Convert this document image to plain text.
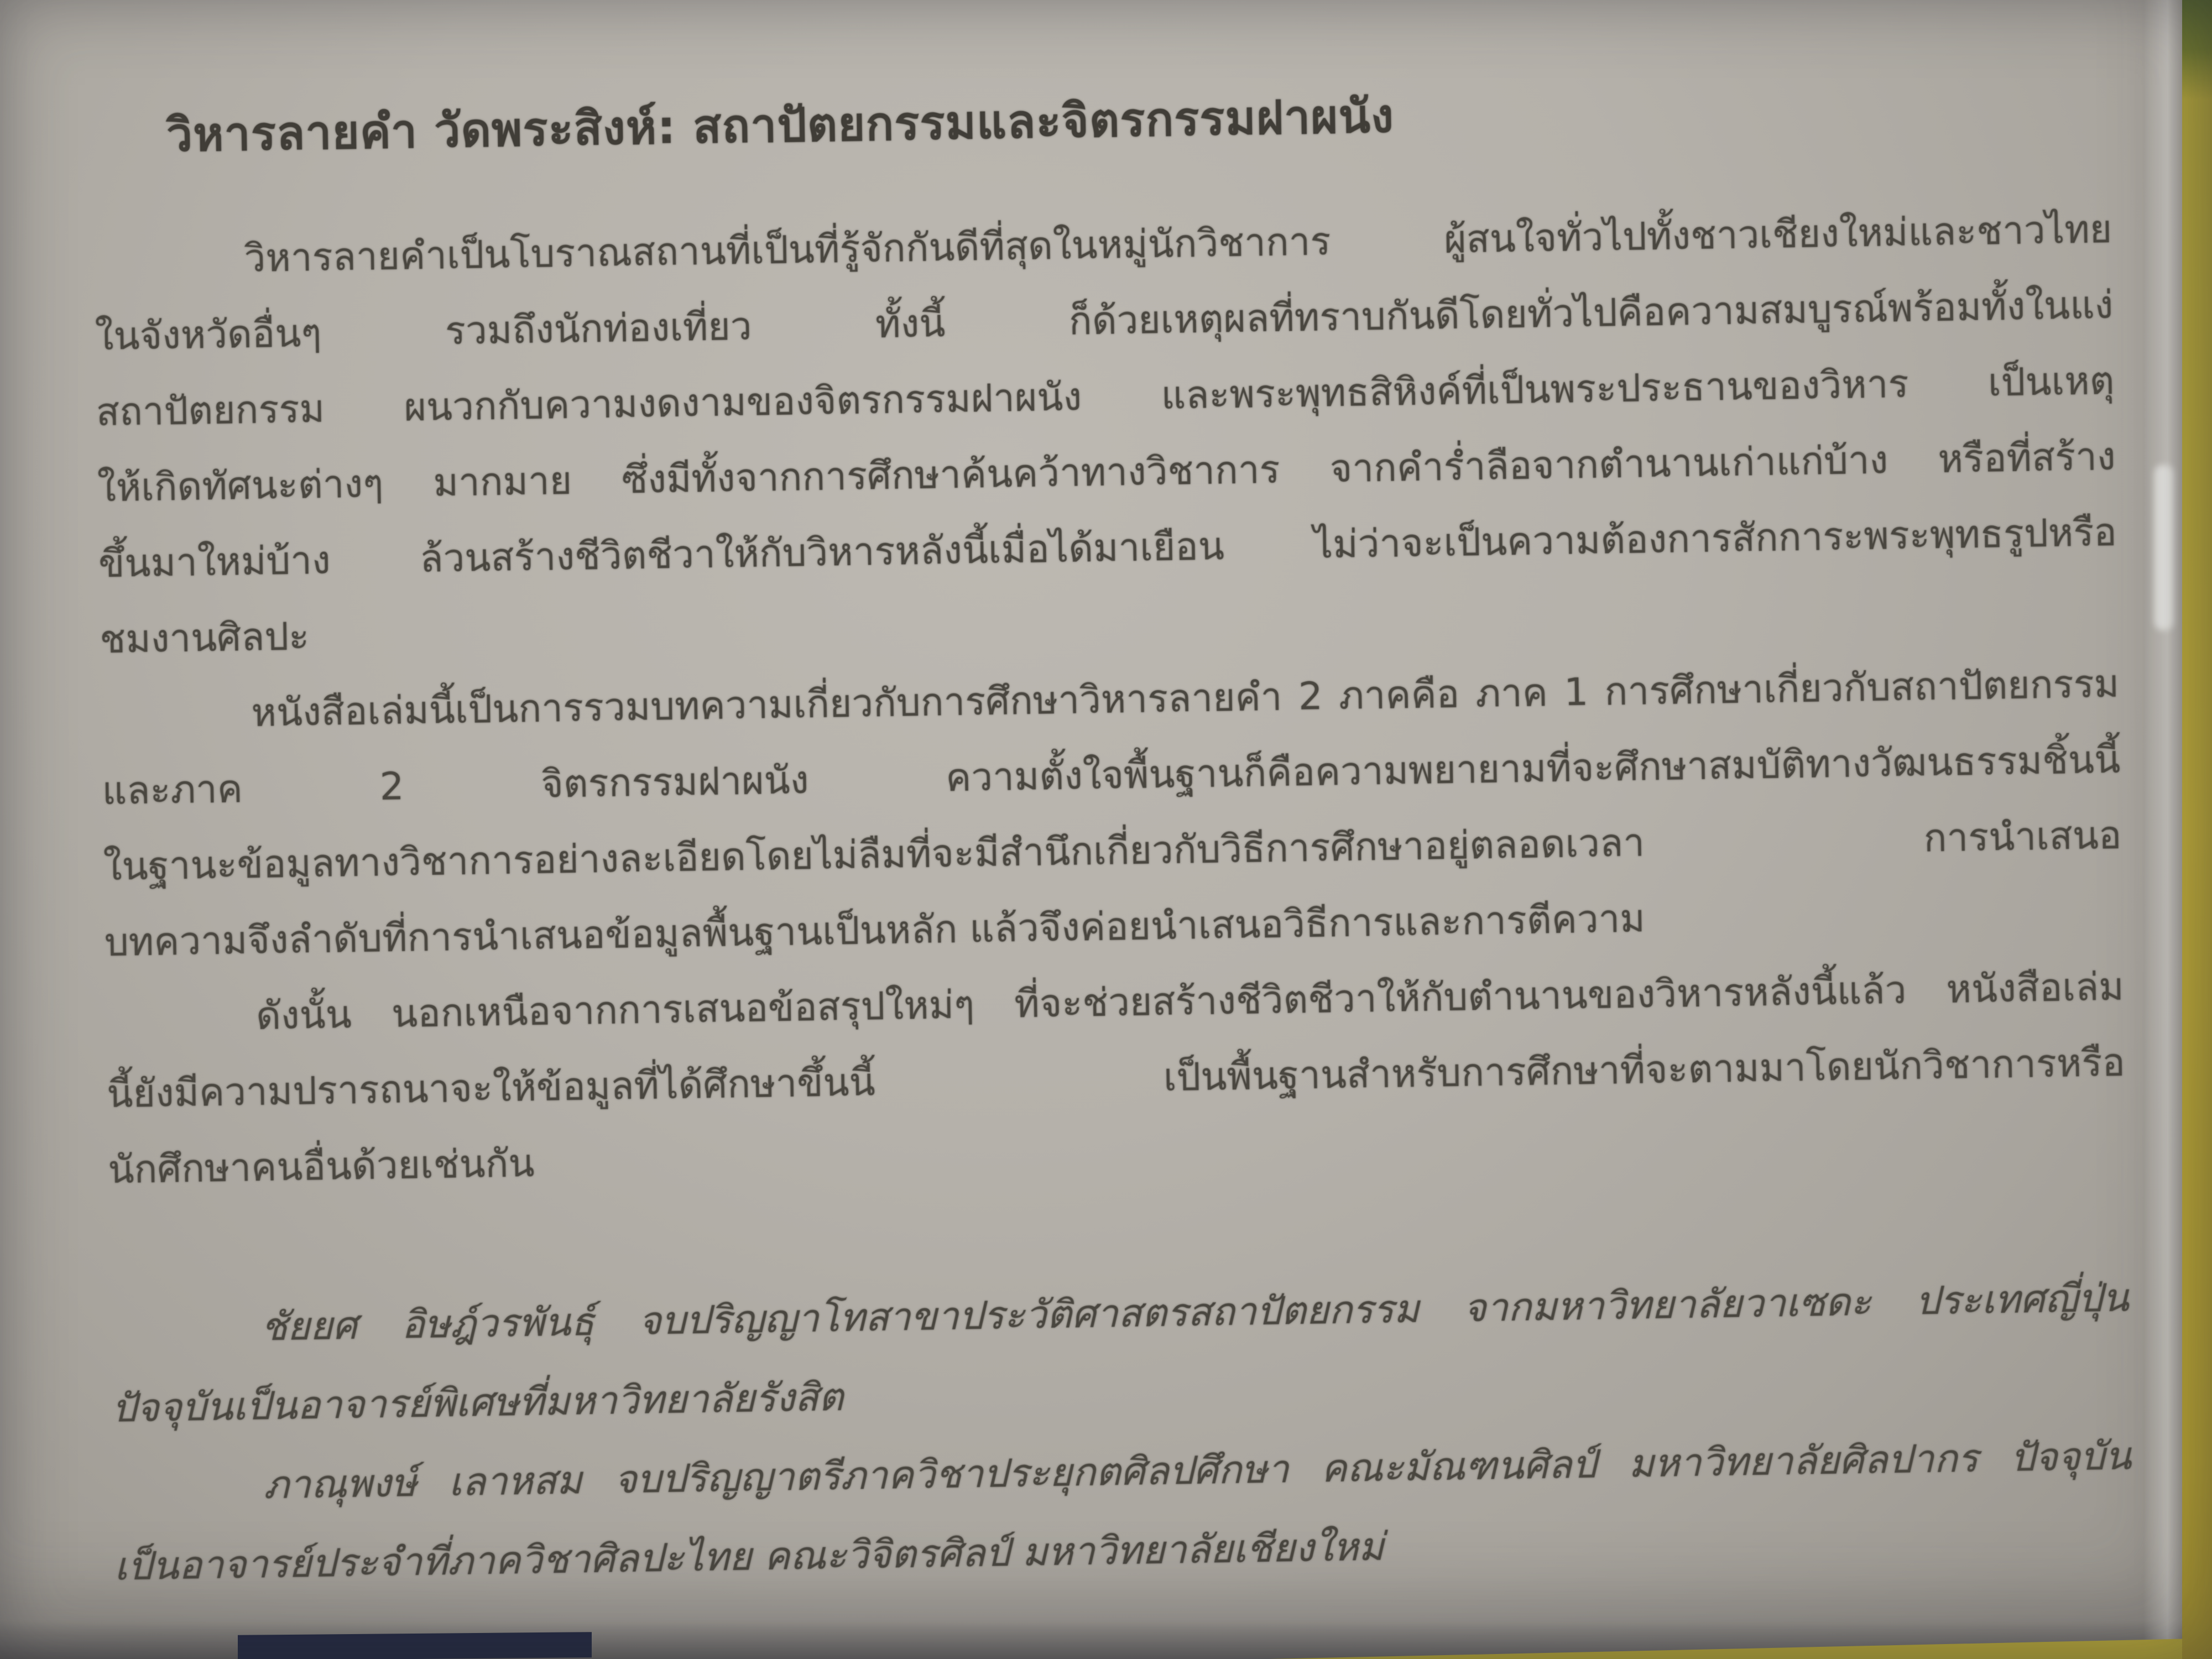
วิหารลายคำ วัดพระสิงห์: สถาปัตยกรรมและจิตรกรรมฝาผนัง
วิหารลายคำเป็นโบราณสถานที่เป็นที่รู้จักกันดีที่สุดในหมู่นักวิชาการ ผู้สนใจทั่วไปทั้งชาวเชียงใหม่และชาวไทย
ในจังหวัดอื่นๆ รวมถึงนักท่องเที่ยว ทั้งนี้ ก็ด้วยเหตุผลที่ทราบกันดีโดยทั่วไปคือความสมบูรณ์พร้อมทั้งในแง่
สถาปัตยกรรม ผนวกกับความงดงามของจิตรกรรมฝาผนัง และพระพุทธสิหิงค์ที่เป็นพระประธานของวิหาร เป็นเหตุ
ให้เกิดทัศนะต่างๆ มากมาย ซึ่งมีทั้งจากการศึกษาค้นคว้าทางวิชาการ จากคำร่ำลือจากตำนานเก่าแก่บ้าง หรือที่สร้าง
ขึ้นมาใหม่บ้าง ล้วนสร้างชีวิตชีวาให้กับวิหารหลังนี้เมื่อได้มาเยือน ไม่ว่าจะเป็นความต้องการสักการะพระพุทธรูปหรือ
ชมงานศิลปะ
หนังสือเล่มนี้เป็นการรวมบทความเกี่ยวกับการศึกษาวิหารลายคำ 2 ภาคคือ ภาค 1 การศึกษาเกี่ยวกับสถาปัตยกรรม
และภาค 2 จิตรกรรมฝาผนัง ความตั้งใจพื้นฐานก็คือความพยายามที่จะศึกษาสมบัติทางวัฒนธรรมชิ้นนี้
ในฐานะข้อมูลทางวิชาการอย่างละเอียดโดยไม่ลืมที่จะมีสำนึกเกี่ยวกับวิธีการศึกษาอยู่ตลอดเวลา การนำเสนอ
บทความจึงลำดับที่การนำเสนอข้อมูลพื้นฐานเป็นหลัก แล้วจึงค่อยนำเสนอวิธีการและการตีความ
ดังนั้น นอกเหนือจากการเสนอข้อสรุปใหม่ๆ ที่จะช่วยสร้างชีวิตชีวาให้กับตำนานของวิหารหลังนี้แล้ว หนังสือเล่ม
นี้ยังมีความปรารถนาจะให้ข้อมูลที่ได้ศึกษาขึ้นนี้ เป็นพื้นฐานสำหรับการศึกษาที่จะตามมาโดยนักวิชาการหรือ
นักศึกษาคนอื่นด้วยเช่นกัน
ชัยยศ อิษฎ์วรพันธุ์ จบปริญญาโทสาขาประวัติศาสตรสถาปัตยกรรม จากมหาวิทยาลัยวาเซดะ ประเทศญี่ปุ่น
ปัจจุบันเป็นอาจารย์พิเศษที่มหาวิทยาลัยรังสิต
ภาณุพงษ์ เลาหสม จบปริญญาตรีภาควิชาประยุกตศิลปศึกษา คณะมัณฑนศิลป์ มหาวิทยาลัยศิลปากร ปัจจุบัน
เป็นอาจารย์ประจำที่ภาควิชาศิลปะไทย คณะวิจิตรศิลป์ มหาวิทยาลัยเชียงใหม่
